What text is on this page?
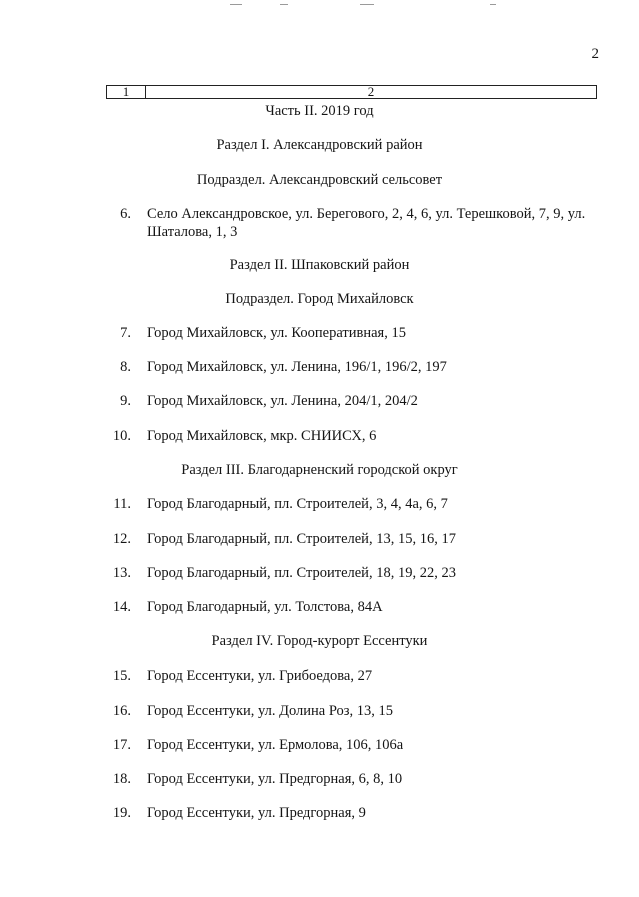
2
1	2
Часть II. 2019 год
Раздел I. Александровский район
Подраздел. Александровский сельсовет
6. Село Александровское, ул. Берегового, 2, 4, 6, ул. Терешковой, 7, 9, ул. Шаталова, 1, 3
Раздел II. Шпаковский район
Подраздел. Город Михайловск
7. Город Михайловск, ул. Кооперативная, 15
8. Город Михайловск, ул. Ленина, 196/1, 196/2, 197
9. Город Михайловск, ул. Ленина, 204/1, 204/2
10. Город Михайловск, мкр. СНИИСХ, 6
Раздел III. Благодарненский городской округ
11. Город Благодарный, пл. Строителей, 3, 4, 4а, 6, 7
12. Город Благодарный, пл. Строителей, 13, 15, 16, 17
13. Город Благодарный, пл. Строителей, 18, 19, 22, 23
14. Город Благодарный, ул. Толстова, 84А
Раздел IV. Город-курорт Ессентуки
15. Город Ессентуки, ул. Грибоедова, 27
16. Город Ессентуки, ул. Долина Роз, 13, 15
17. Город Ессентуки, ул. Ермолова, 106, 106а
18. Город Ессентуки, ул. Предгорная, 6, 8, 10
19. Город Ессентуки, ул. Предгорная, 9
